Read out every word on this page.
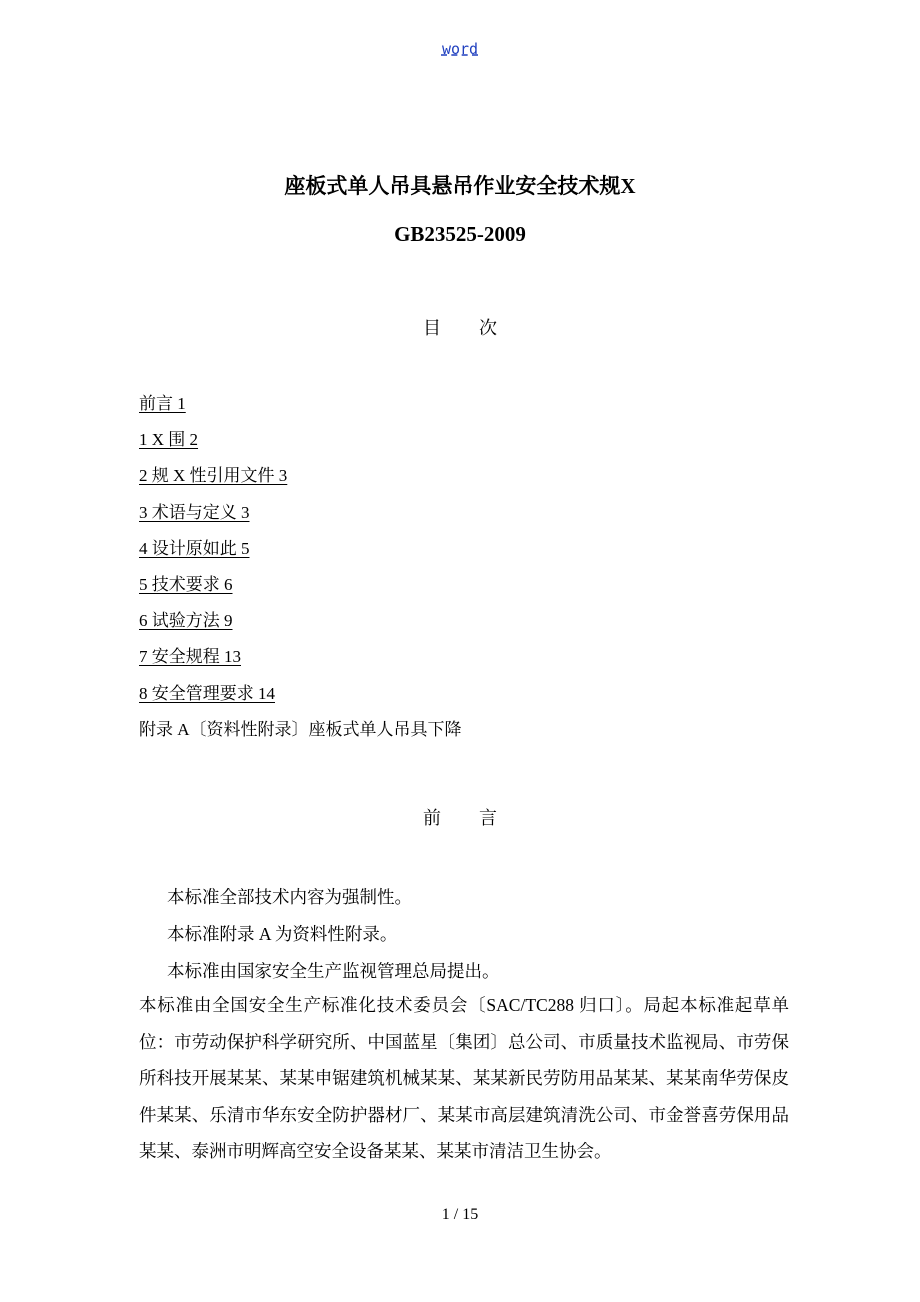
word
座板式单人吊具悬吊作业安全技术规X
GB23525-2009
目次
前言 1
1 X 围 2
2 规 X 性引用文件 3
3 术语与定义 3
4 设计原如此 5
5 技术要求 6
6 试验方法 9
7 安全规程 13
8 安全管理要求 14
附录 A〔资料性附录〕座板式单人吊具下降
前言

本标准全部技术内容为强制性。

本标准附录 A 为资料性附录。

本标准由国家安全生产监视管理总局提出。

本标准由全国安全生产标准化技术委员会〔SAC/TC288 归口〕。局起本标准起草单位：市劳动保护科学研究所、中国蓝星〔集团〕总公司、市质量技术监视局、市劳保所科技开展某某、某某申锯建筑机械某某、某某新民劳防用品某某、某某南华劳保皮件某某、乐清市华东安全防护器材厂、某某市高层建筑清洗公司、市金誉喜劳保用品某某、泰洲市明辉高空安全设备某某、某某市清洁卫生协会。

1 / 15
